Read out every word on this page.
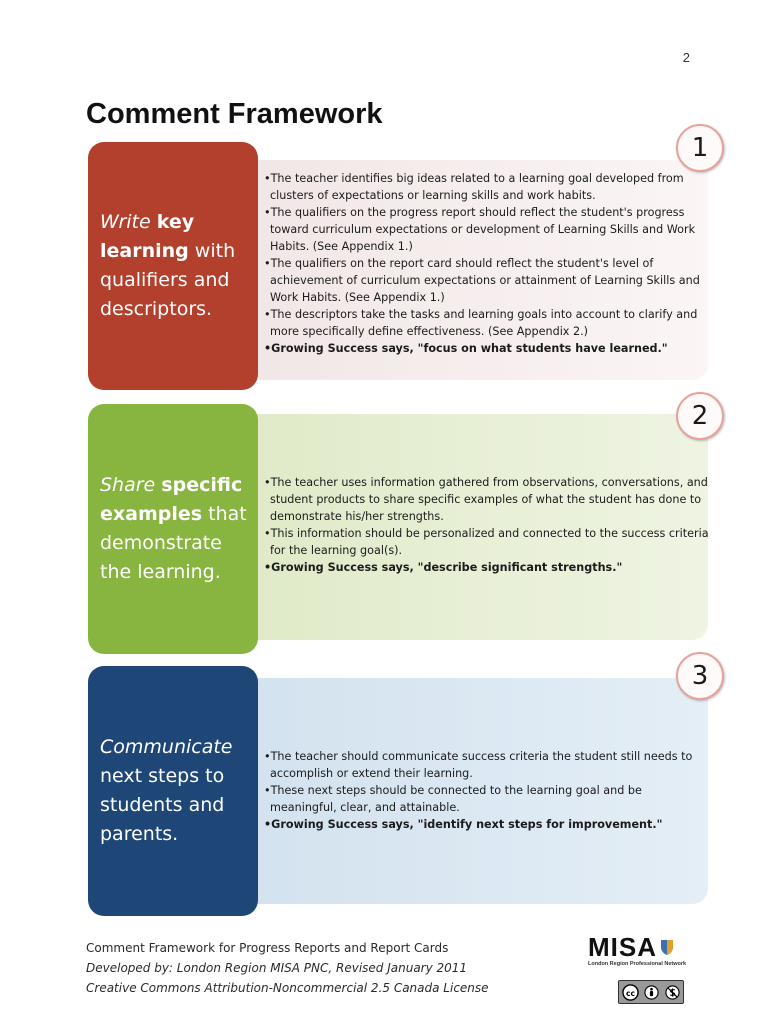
2
Comment Framework
Write key learning with qualifiers and descriptors.
1
•The teacher identifies big ideas related to a learning goal developed from clusters of expectations or learning skills and work habits.
•The qualifiers on the progress report should reflect the student's progress toward curriculum expectations or development of Learning Skills and Work Habits. (See Appendix 1.)
•The qualifiers on the report card should reflect the student's level of achievement of curriculum expectations or attainment of Learning Skills and Work Habits. (See Appendix 1.)
•The descriptors take the tasks and learning goals into account to clarify and more specifically define effectiveness. (See Appendix 2.)
•Growing Success says, "focus on what students have learned."
Share specific examples that demonstrate the learning.
2
•The teacher uses information gathered from observations, conversations, and student products to share specific examples of what the student has done to demonstrate his/her strengths.
•This information should be personalized and connected to the success criteria for the learning goal(s).
•Growing Success says, "describe significant strengths."
Communicate next steps to students and parents.
3
•The teacher should communicate success criteria the student still needs to accomplish or extend their learning.
•These next steps should be connected to the learning goal and be meaningful, clear, and attainable.
•Growing Success says, "identify next steps for improvement."
Comment Framework for Progress Reports and Report Cards
Developed by: London Region MISA PNC, Revised January 2011
Creative Commons Attribution-Noncommercial 2.5 Canada License
MISA
London Region Professional Network
cc
